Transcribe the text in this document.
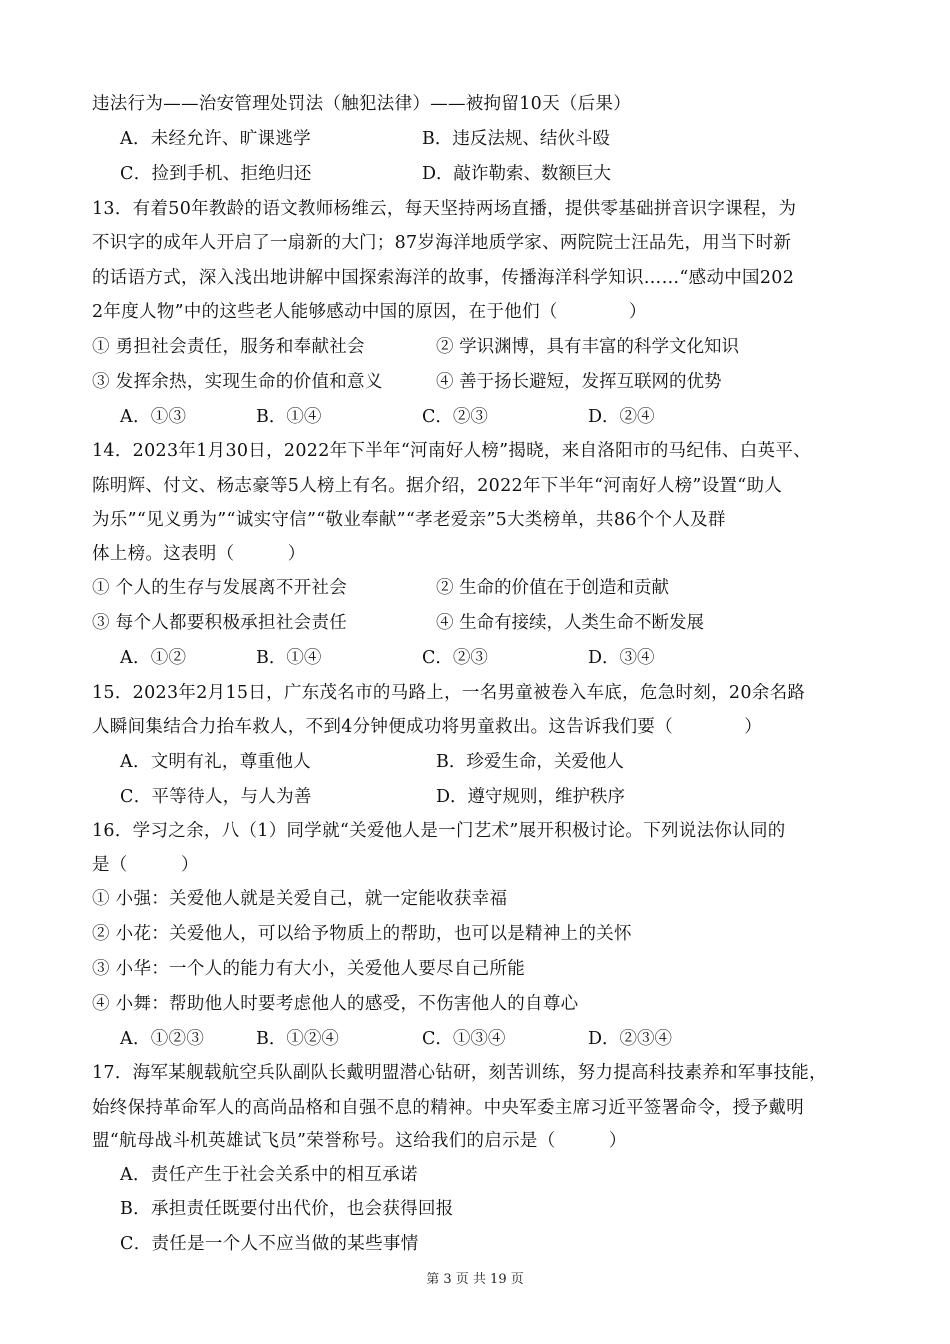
违法行为——治安管理处罚法（触犯法律）——被拘留10天（后果）
A．未经允许、旷课逃学	B．违反法规、结伙斗殴
C．捡到手机、拒绝归还	D．敲诈勒索、数额巨大
13．有着50年教龄的语文教师杨维云，每天坚持两场直播，提供零基础拼音识字课程，为
不识字的成年人开启了一扇新的大门；87岁海洋地质学家、两院院士汪品先，用当下时新
的话语方式，深入浅出地讲解中国探索海洋的故事，传播海洋科学知识……“感动中国202
2年度人物”中的这些老人能够感动中国的原因，在于他们（　　　　）
① 勇担社会责任，服务和奉献社会	② 学识渊博，具有丰富的科学文化知识
③ 发挥余热，实现生命的价值和意义	④ 善于扬长避短，发挥互联网的优势
A．①③	B．①④	C．②③	D．②④
14．2023年1月30日，2022年下半年“河南好人榜”揭晓，来自洛阳市的马纪伟、白英平、
陈明辉、付文、杨志豪等5人榜上有名。据介绍，2022年下半年“河南好人榜”设置“助人
为乐”“见义勇为”“诚实守信”“敬业奉献”“孝老爱亲”5大类榜单，共86个个人及群
体上榜。这表明（　　　）
① 个人的生存与发展离不开社会	② 生命的价值在于创造和贡献
③ 每个人都要积极承担社会责任	④ 生命有接续，人类生命不断发展
A．①②	B．①④	C．②③	D．③④
15．2023年2月15日，广东茂名市的马路上，一名男童被卷入车底，危急时刻，20余名路
人瞬间集结合力抬车救人，不到4分钟便成功将男童救出。这告诉我们要（　　　　）
A．文明有礼，尊重他人	B．珍爱生命，关爱他人
C．平等待人，与人为善	D．遵守规则，维护秩序
16．学习之余，八（1）同学就“关爱他人是一门艺术”展开积极讨论。下列说法你认同的
是（　　　）
① 小强：关爱他人就是关爱自己，就一定能收获幸福
② 小花：关爱他人，可以给予物质上的帮助，也可以是精神上的关怀
③ 小华：一个人的能力有大小，关爱他人要尽自己所能
④ 小舞：帮助他人时要考虑他人的感受，不伤害他人的自尊心
A．①②③	B．①②④	C．①③④	D．②③④
17．海军某舰载航空兵队副队长戴明盟潜心钻研，刻苦训练，努力提高科技素养和军事技能，
始终保持革命军人的高尚品格和自强不息的精神。中央军委主席习近平签署命令，授予戴明
盟“航母战斗机英雄试飞员”荣誉称号。这给我们的启示是（　　　）
A．责任产生于社会关系中的相互承诺
B．承担责任既要付出代价，也会获得回报
C．责任是一个人不应当做的某些事情
第 3 页 共 19 页
